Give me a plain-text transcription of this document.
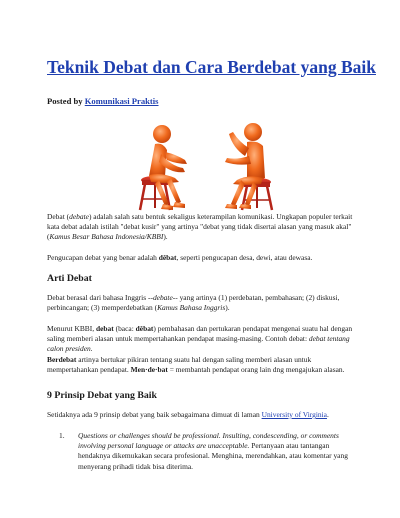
Teknik Debat dan Cara Berdebat yang Baik
Posted by Komunikasi Praktis

Debat (debate) adalah salah satu bentuk sekaligus keterampilan komunikasi. Ungkapan populer terkait kata debat adalah istilah "debat kusir" yang artinya "debat yang tidak disertai alasan yang masuk akal" (Kamus Besar Bahasa Indonesia/KBBI).

Pengucapan debat yang benar adalah dĕbat, seperti pengucapan desa, dewi, atau dewasa.

Arti Debat

Debat berasal dari bahasa Inggris --debate-- yang artinya (1) perdebatan, pembahasan; (2) diskusi, perbincangan; (3) memperdebatkan (Kamus Bahasa Inggris).

Menurut KBBI, debat (baca: dĕbat) pembahasan dan pertukaran pendapat mengenai suatu hal dengan saling memberi alasan untuk mempertahankan pendapat masing-masing. Contoh debat: debat tentang calon presiden.

Berdebat artinya bertukar pikiran tentang suatu hal dengan saling memberi alasan untuk mempertahankan pendapat. Men·de·bat = membantah pendapat orang lain dng mengajukan alasan.

9 Prinsip Debat yang Baik

Setidaknya ada 9 prinsip debat yang baik sebagaimana dimuat di laman University of Virginia.

1. Questions or challenges should be professional. Insulting, condescending, or comments involving personal language or attacks are unacceptable. Pertanyaan atau tantangan hendaknya dikemukakan secara profesional. Menghina, merendahkan, atau komentar yang menyerang prihadi tidak bisa diterima.
